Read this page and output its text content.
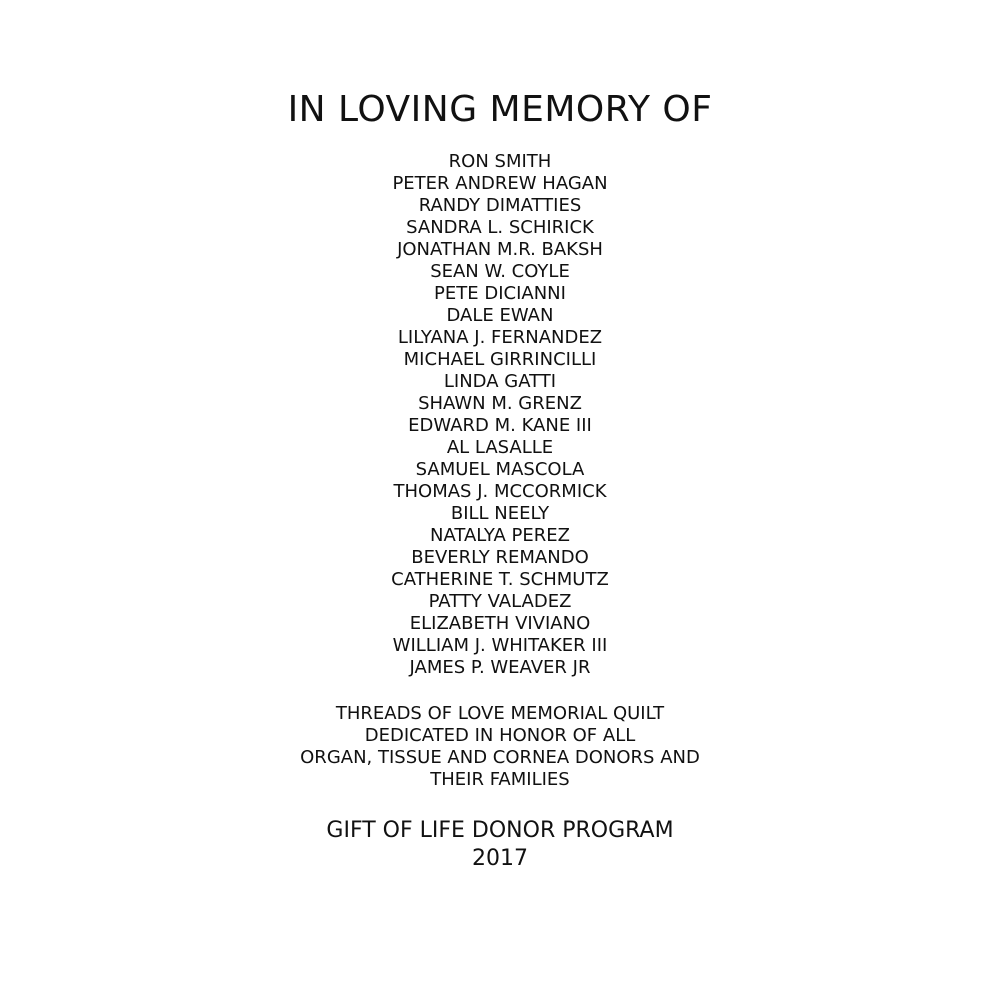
IN LOVING MEMORY OF
RON SMITH
PETER ANDREW HAGAN
RANDY DIMATTIES
SANDRA L. SCHIRICK
JONATHAN M.R. BAKSH
SEAN W. COYLE
PETE DICIANNI
DALE EWAN
LILYANA J. FERNANDEZ
MICHAEL GIRRINCILLI
LINDA GATTI
SHAWN M. GRENZ
EDWARD M. KANE III
AL LASALLE
SAMUEL MASCOLA
THOMAS J. MCCORMICK
BILL NEELY
NATALYA PEREZ
BEVERLY REMANDO
CATHERINE T. SCHMUTZ
PATTY VALADEZ
ELIZABETH VIVIANO
WILLIAM J. WHITAKER III
JAMES P. WEAVER JR
THREADS OF LOVE MEMORIAL QUILT
DEDICATED IN HONOR OF ALL
ORGAN, TISSUE AND CORNEA DONORS AND
THEIR FAMILIES
GIFT OF LIFE DONOR PROGRAM
2017
